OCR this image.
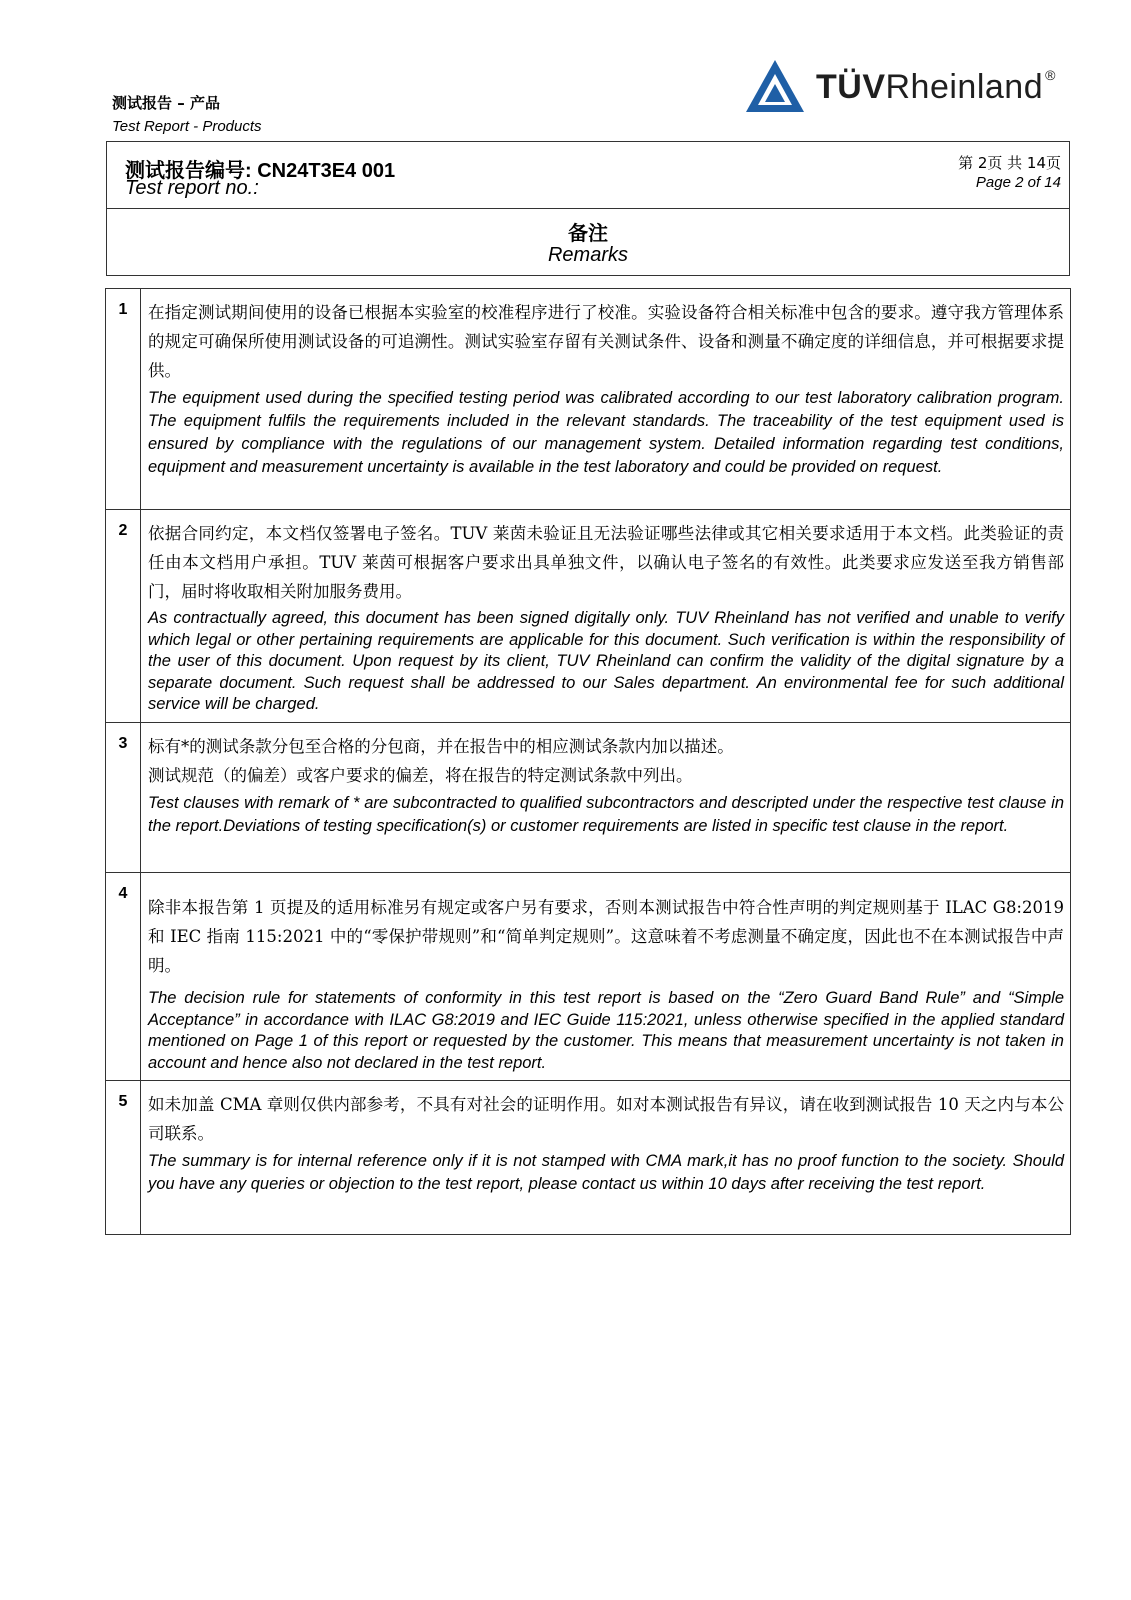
测试报告 – 产品
Test Report - Products
TÜVRheinland ®
测试报告编号: CN24T3E4 001
Test report no.:
第 2页 共 14页
Page 2 of 14
备注
Remarks
1	在指定测试期间使用的设备已根据本实验室的校准程序进行了校准。实验设备符合相关标准中包含的要求。遵守我方管理体系的规定可确保所使用测试设备的可追溯性。测试实验室存留有关测试条件、设备和测量不确定度的详细信息，并可根据要求提供。
The equipment used during the specified testing period was calibrated according to our test laboratory calibration program. The equipment fulfils the requirements included in the relevant standards. The traceability of the test equipment used is ensured by compliance with the regulations of our management system. Detailed information regarding test conditions, equipment and measurement uncertainty is available in the test laboratory and could be provided on request.

2	依据合同约定，本文档仅签署电子签名。TUV 莱茵未验证且无法验证哪些法律或其它相关要求适用于本文档。此类验证的责任由本文档用户承担。TUV 莱茵可根据客户要求出具单独文件，以确认电子签名的有效性。此类要求应发送至我方销售部门，届时将收取相关附加服务费用。
As contractually agreed, this document has been signed digitally only. TUV Rheinland has not verified and unable to verify which legal or other pertaining requirements are applicable for this document. Such verification is within the responsibility of the user of this document. Upon request by its client, TUV Rheinland can confirm the validity of the digital signature by a separate document. Such request shall be addressed to our Sales department. An environmental fee for such additional service will be charged.

3	标有*的测试条款分包至合格的分包商，并在报告中的相应测试条款内加以描述。
测试规范（的偏差）或客户要求的偏差，将在报告的特定测试条款中列出。
Test clauses with remark of * are subcontracted to qualified subcontractors and descripted under the respective test clause in the report.Deviations of testing specification(s) or customer requirements are listed in specific test clause in the report.

4	除非本报告第 1 页提及的适用标准另有规定或客户另有要求，否则本测试报告中符合性声明的判定规则基于 ILAC G8:2019 和 IEC 指南 115:2021 中的“零保护带规则”和“简单判定规则”。这意味着不考虑测量不确定度，因此也不在本测试报告中声明。
The decision rule for statements of conformity in this test report is based on the “Zero Guard Band Rule” and “Simple Acceptance” in accordance with ILAC G8:2019 and IEC Guide 115:2021, unless otherwise specified in the applied standard mentioned on Page 1 of this report or requested by the customer. This means that measurement uncertainty is not taken in account and hence also not declared in the test report.

5	如未加盖 CMA 章则仅供内部参考，不具有对社会的证明作用。如对本测试报告有异议，请在收到测试报告 10 天之内与本公司联系。
The summary is for internal reference only if it is not stamped with CMA mark,it has no proof function to the society. Should you have any queries or objection to the test report, please contact us within 10 days after receiving the test report.
